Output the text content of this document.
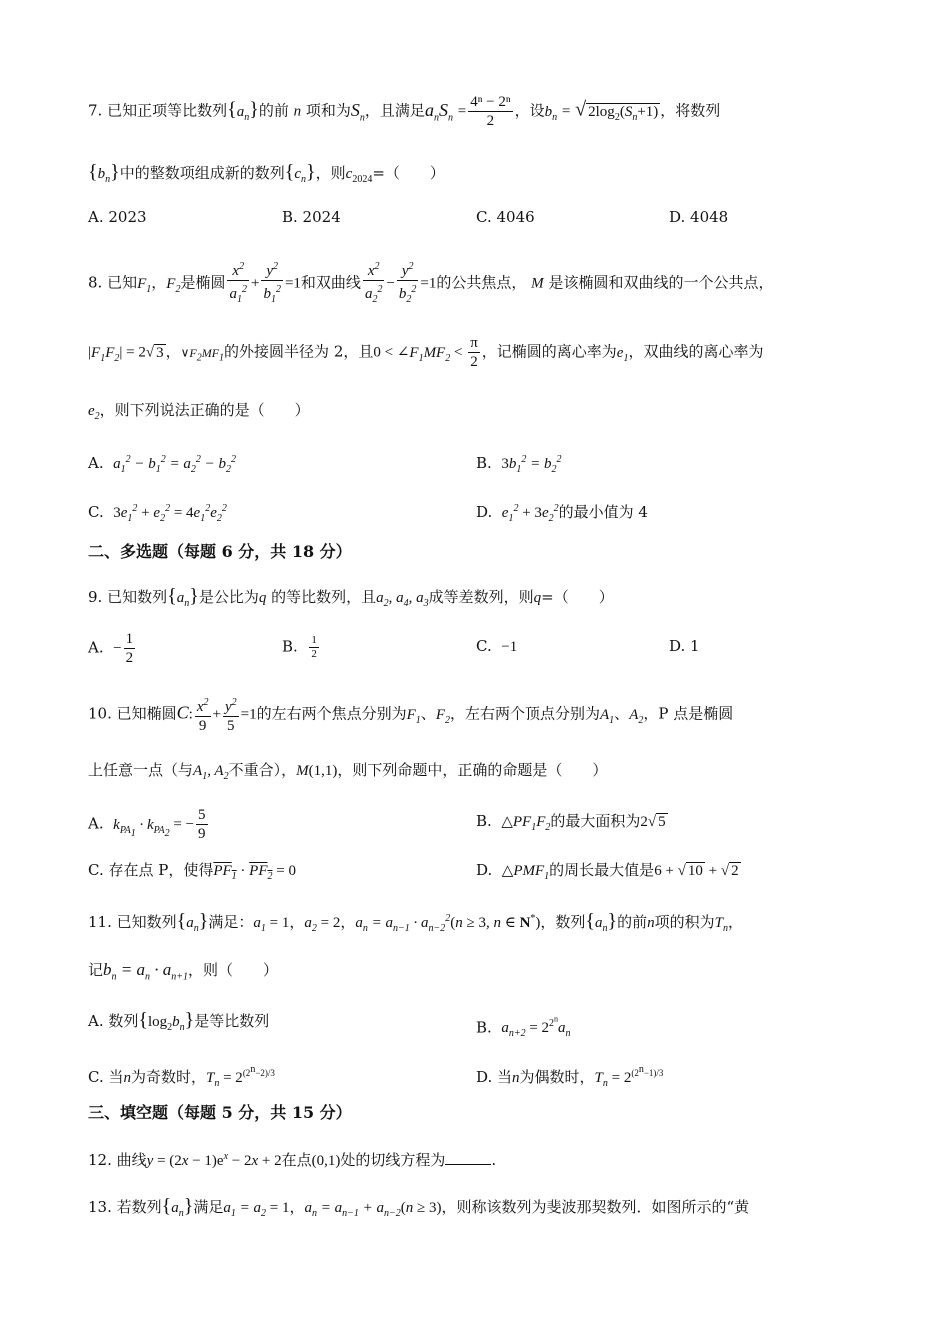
7. 已知正项等比数列$\{a_n\}$的前 n 项和为$S_n$，且满足$a_nS_n = \frac{\text{4ⁿ − 2ⁿ}}{2}$ ，设$b_n$ = √ $2\log_2(S_n+1)$ ，将数列
$\{b_n\}$中的整数项组成新的数列$\{c_n\}$，则$c_{2024}=$（　　）
A. 2023	B. 2024	C. 4046	D. 4048
8. 已知$F_1$，$F_2$是椭圆 $\frac{x^2}{a_1^2} + \frac{y^2}{b_1^2} =1$和双曲线 $\frac{x^2}{a_2^2} - \frac{y^2}{b_2^2} =1$的公共焦点， M 是该椭圆和双曲线的一个公共点，
$|F_1F_2| = 2√$ 3 ，$\vee F_2MF_1$的外接圆半径为 2，且$0 < \angle F_1MF_2 < \frac{\pi}{2}$ ，记椭圆的离心率为$e_1$，双曲线的离心率为
$e_2$，则下列说法正确的是（　　）
A.  $a_1^2 - b_1^2 = a_2^2 - b_2^2$	B.  $3b_1^2 = b_2^2$
C.  $3e_1^2 + e_2^2 = 4e_1^2e_2^2$	D.  $e_1^2 + 3e_2^2$的最小值为 4
二、多选题（每题 6 分，共 18 分）
9. 已知数列$\{a_n\}$是公比为q 的等比数列，且$a_2$, $a_4$, $a_3$成等差数列，则q=（　　）
A. − $\frac{1}{2}$	B. $\frac{1}{2}$	C. −1	D. 1
10. 已知椭圆C: $\frac{x^2}{9} + \frac{y^2}{5} =1$的左右两个焦点分别为$F_1$、$F_2$，左右两个顶点分别为$A_1$、$A_2$，P 点是椭圆
上任意一点（与$A_1$, $A_2$不重合），M(1,1)，则下列命题中，正确的命题是（　　）
A.  $k_{PA_1} \cdot k_{PA_2}$ = − $\frac{5}{9}$	B.  $\triangle PF_1F_2$的最大面积为2√ 5
C. 存在点 P，使得$PF_1 \cdot PF_2 = 0$	D.  $\triangle PMF_1$的周长最大值是6 + √ 10 + √ 2
11. 已知数列$\{a_n\}$满足：$a_1 = 1$，$a_2 = 2$，$a_n = a_{n-1} \cdot a_{n-2}^2(n \ge 3$, n ∈ N*)，数列$\{a_n\}$的前n项的积为$T_n$，
记$b_n = a_n \cdot a_{n+1}$，则（　　）
A. 数列$\{\log_2b_n\}$是等比数列	B.  $a_{n+2} = 2^{2^n}a_n$
C. 当n为奇数时，$T_n = 2^{(2^n-2)/3}$	D. 当n为偶数时，$T_n = 2^{(2^n-1)/3}$
三、填空题（每题 5 分，共 15 分）
12. 曲线$y = (2x - 1)e^x - 2x + 2$在点(0,1)处的切线方程为	.
13. 若数列$\{a_n\}$满足$a_1 = a_2 = 1$，$a_n = a_{n-1} + a_{n-2}(n \ge 3)$，则称该数列为斐波那契数列．如图所示的“黄
